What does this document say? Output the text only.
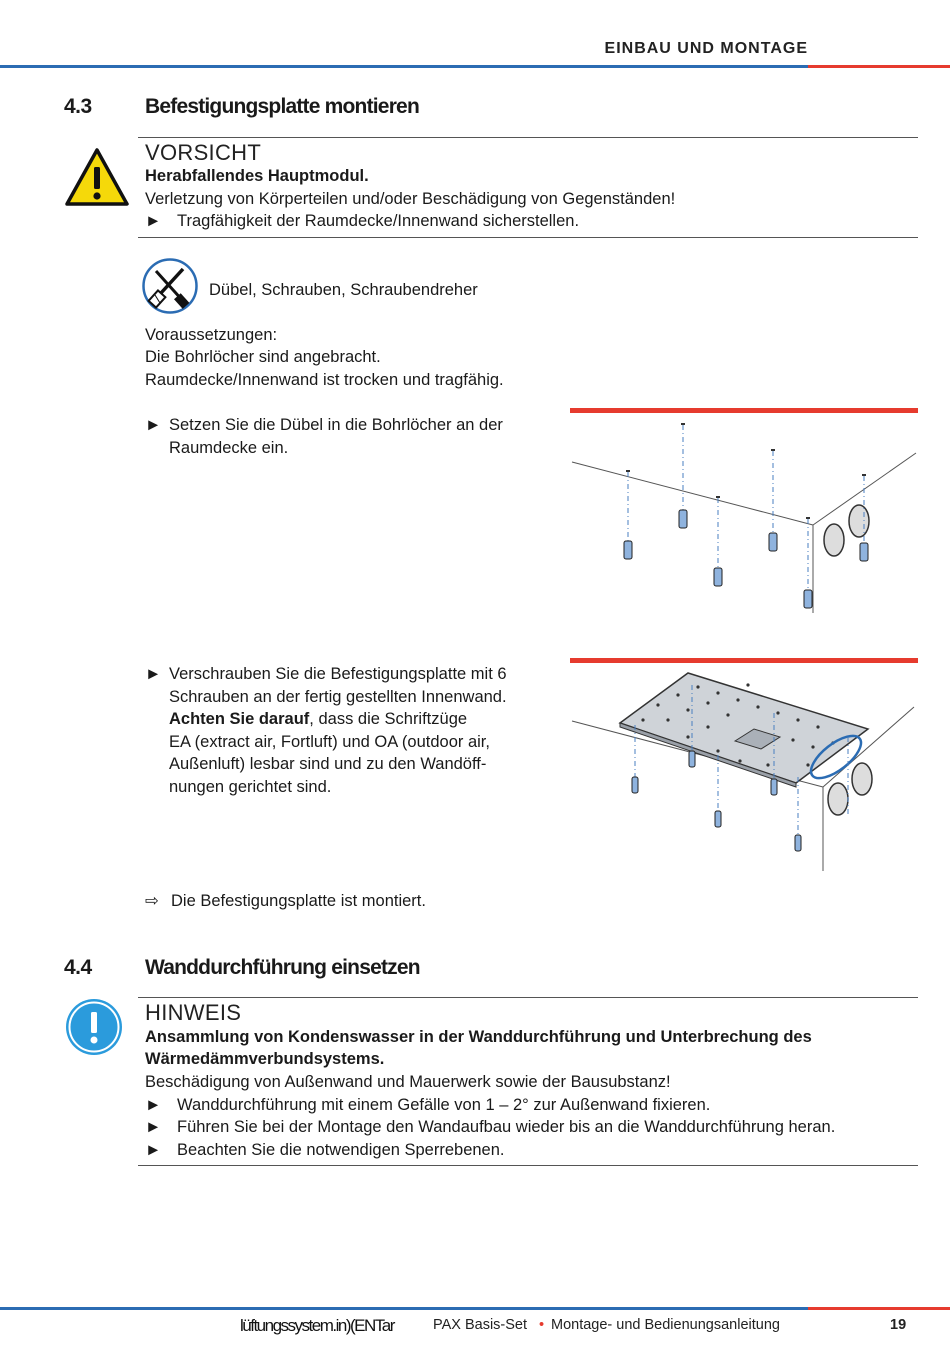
EINBAU UND MONTAGE
4.3	Befestigungsplatte montieren
VORSICHT
Herabfallendes Hauptmodul.
Verletzung von Körperteilen und/oder Beschädigung von Gegenständen!
► Tragfähigkeit der Raumdecke/Innenwand sicherstellen.
Dübel, Schrauben, Schraubendreher
Voraussetzungen:
Die Bohrlöcher sind angebracht.
Raumdecke/Innenwand ist trocken und tragfähig.
► Setzen Sie die Dübel in die Bohrlöcher an der
Raumdecke ein.
► Verschrauben Sie die Befestigungsplatte mit 6
Schrauben an der fertig gestellten Innenwand.
Achten Sie darauf, dass die Schriftzüge
EA (extract air, Fortluft) und OA (outdoor air,
Außenluft) lesbar sind und zu den Wandöff-
nungen gerichtet sind.
⇨ Die Befestigungsplatte ist montiert.
4.4	Wanddurchführung einsetzen
HINWEIS
Ansammlung von Kondenswasser in der Wanddurchführung und Unterbrechung des
Wärmedämmverbundsystems.
Beschädigung von Außenwand und Mauerwerk sowie der Bausubstanz!
► Wanddurchführung mit einem Gefälle von 1 – 2° zur Außenwand fixieren.
► Führen Sie bei der Montage den Wandaufbau wieder bis an die Wanddurchführung heran.
► Beachten Sie die notwendigen Sperrebenen.
lüftungssystem.in)(ENTar	PAX Basis-Set • Montage- und Bedienungsanleitung	19
